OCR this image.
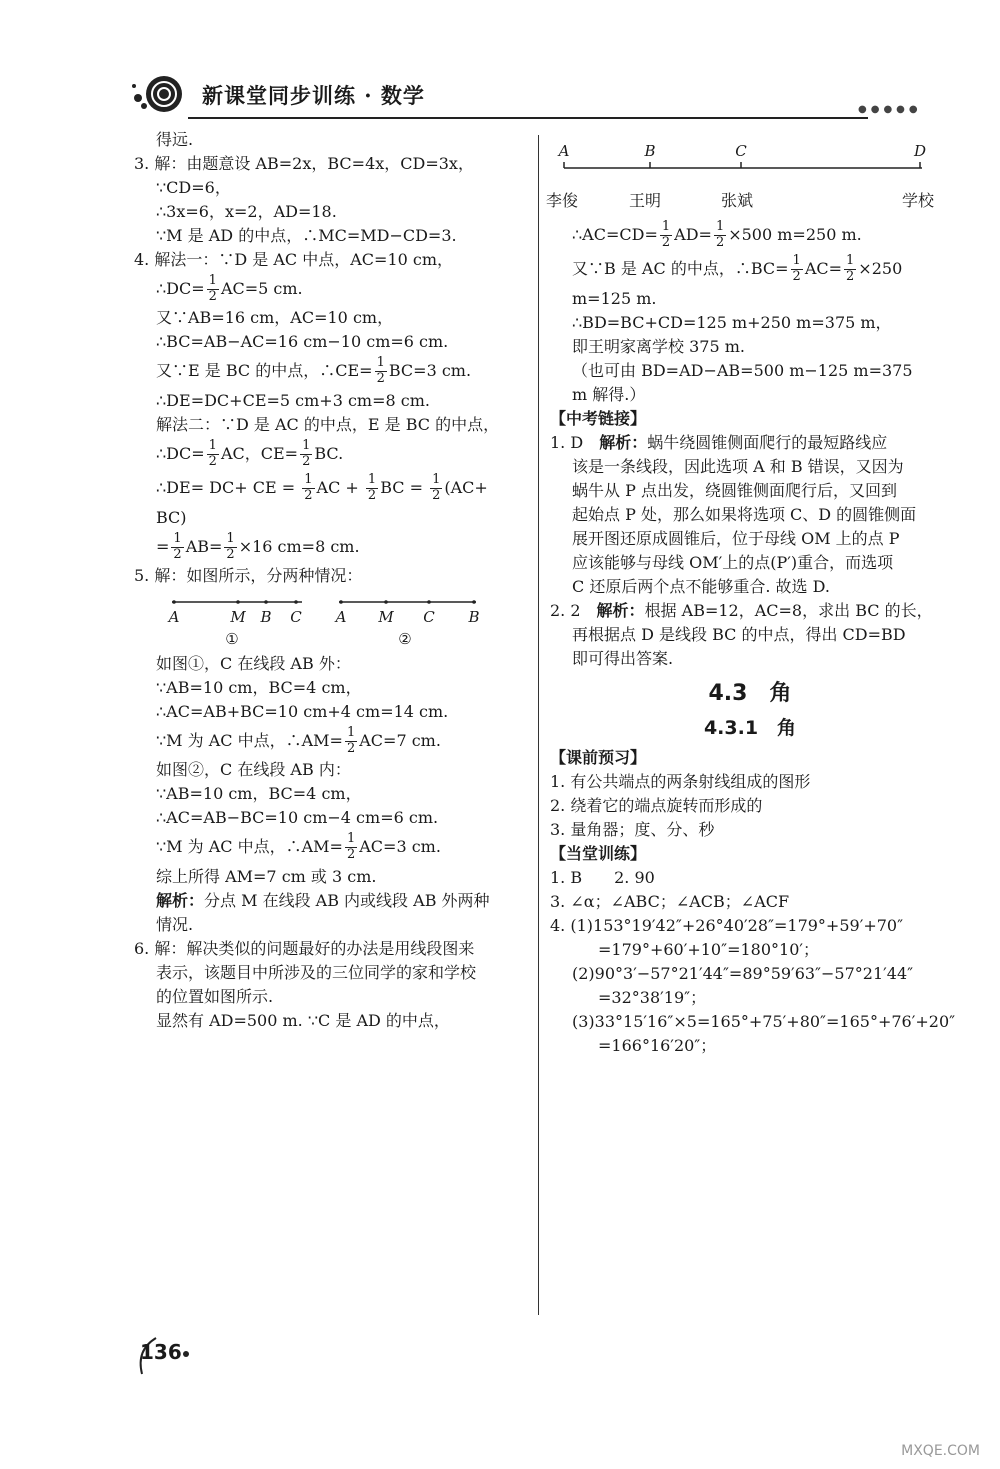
新课堂同步训练 · 数学
●●●●●
得远.
3. 解：由题意设 AB=2x，BC=4x，CD=3x，
∵CD=6，
∴3x=6，x=2，AD=18.
∵M 是 AD 的中点，∴MC=MD−CD=3.
4. 解法一：∵D 是 AC 中点，AC=10 cm，
∴DC= $\frac{1}{2} AC=5$ cm.
又∵AB=16 cm，AC=10 cm，
∴BC=AB−AC=16 cm−10 cm=6 cm.
又∵E 是 BC 的中点，∴CE= $\frac{1}{2} BC=3$ cm.
∴DE=DC+CE=5 cm+3 cm=8 cm.
解法二：∵D 是 AC 的中点，E 是 BC 的中点，
∴DC= $\frac{1}{2}$ AC，$CE= \frac{1}{2}$ BC.
∴DE= DC+ CE = $\frac{1}{2}$ AC + $\frac{1}{2}$ BC = $\frac{1}{2} (AC+$
BC)
= $\frac{1}{2} AB= \frac{1}{2} \times 16$ cm=8 cm.
5. 解：如图所示，分两种情况：
A	M B C
①
A M C B
②
如图①，C 在线段 AB 外：
∵AB=10 cm，BC=4 cm，
∴AC=AB+BC=10 cm+4 cm=14 cm.
∵M 为 AC 中点，∴AM= $\frac{1}{2} AC=7$ cm.
如图②，C 在线段 AB 内：
∵AB=10 cm，BC=4 cm，
∴AC=AB−BC=10 cm−4 cm=6 cm.
∵M 为 AC 中点，∴AM= $\frac{1}{2} AC=3$ cm.
综上所得 AM=7 cm 或 3 cm.
解析：分点 M 在线段 AB 内或线段 AB 外两种
情况.
6. 解：解决类似的问题最好的办法是用线段图来
表示，该题目中所涉及的三位同学的家和学校
的位置如图所示.
显然有 AD=500 m. ∵C 是 AD 的中点，
A
李俊
B
王明
C
张斌
D
学校
∴AC=CD= $\frac{1}{2} AD= \frac{1}{2} \times 500$ m=250 m.
又∵B 是 AC 的中点，∴BC= $\frac{1}{2} AC= \frac{1}{2} \times 250$
m=125 m.
∴BD=BC+CD=125 m+250 m=375 m，
即王明家离学校 375 m.
（也可由 BD=AD−AB=500 m−125 m=375
m 解得.）
【中考链接】
1. D　解析：蜗牛绕圆锥侧面爬行的最短路线应
该是一条线段，因此选项 A 和 B 错误，又因为
蜗牛从 P 点出发，绕圆锥侧面爬行后，又回到
起始点 P 处，那么如果将选项 C、D 的圆锥侧面
展开图还原成圆锥后，位于母线 OM 上的点 P
应该能够与母线 OM′上的点(P′)重合，而选项
C 还原后两个点不能够重合. 故选 D.
2. 2　解析：根据 AB=12，AC=8，求出 BC 的长，
再根据点 D 是线段 BC 的中点，得出 CD=BD
即可得出答案.
4.3　角
4.3.1　角
【课前预习】
1. 有公共端点的两条射线组成的图形
2. 绕着它的端点旋转而形成的
3. 量角器；度、分、秒
【当堂训练】
1. B　　2. 90
3. ∠α；∠ABC；∠ACB；∠ACF
4. (1)153°19′42″+26°40′28″=179°+59′+70″
=179°+60′+10″=180°10′；
(2)90°3′−57°21′44″=89°59′63″−57°21′44″
=32°38′19″；
(3)33°15′16″×5=165°+75′+80″=165°+76′+20″
=166°16′20″；
136
MXQE.COM
